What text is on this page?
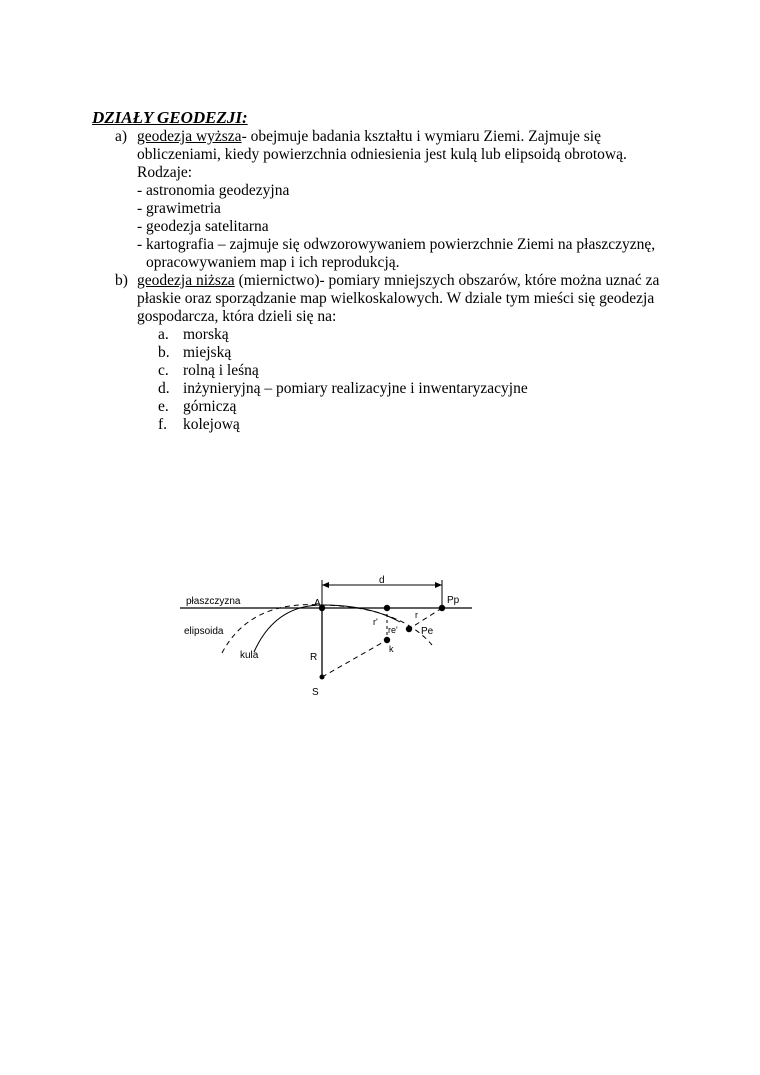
DZIAŁY GEODEZJI:
a) geodezja wyższa- obejmuje badania kształtu i wymiaru Ziemi. Zajmuje się
obliczeniami, kiedy powierzchnia odniesienia jest kulą lub elipsoidą obrotową.
Rodzaje:
- astronomia geodezyjna
- grawimetria
- geodezja satelitarna
- kartografia – zajmuje się odwzorowywaniem powierzchnie Ziemi na płaszczyznę,
opracowywaniem map i ich reprodukcją.
b) geodezja niższa (miernictwo)- pomiary mniejszych obszarów, które można uznać za
płaskie oraz sporządzanie map wielkoskalowych. W dziale tym mieści się geodezja
gospodarcza, która dzieli się na:
a. morską
b. miejską
c. rolną i leśną
d. inżynieryjną – pomiary realizacyjne i inwentaryzacyjne
e. górniczą
f. kolejową
płaszczyzna
elipsoida
kula
A
d
Pp
r'
r
re' Pe
k
R
S
